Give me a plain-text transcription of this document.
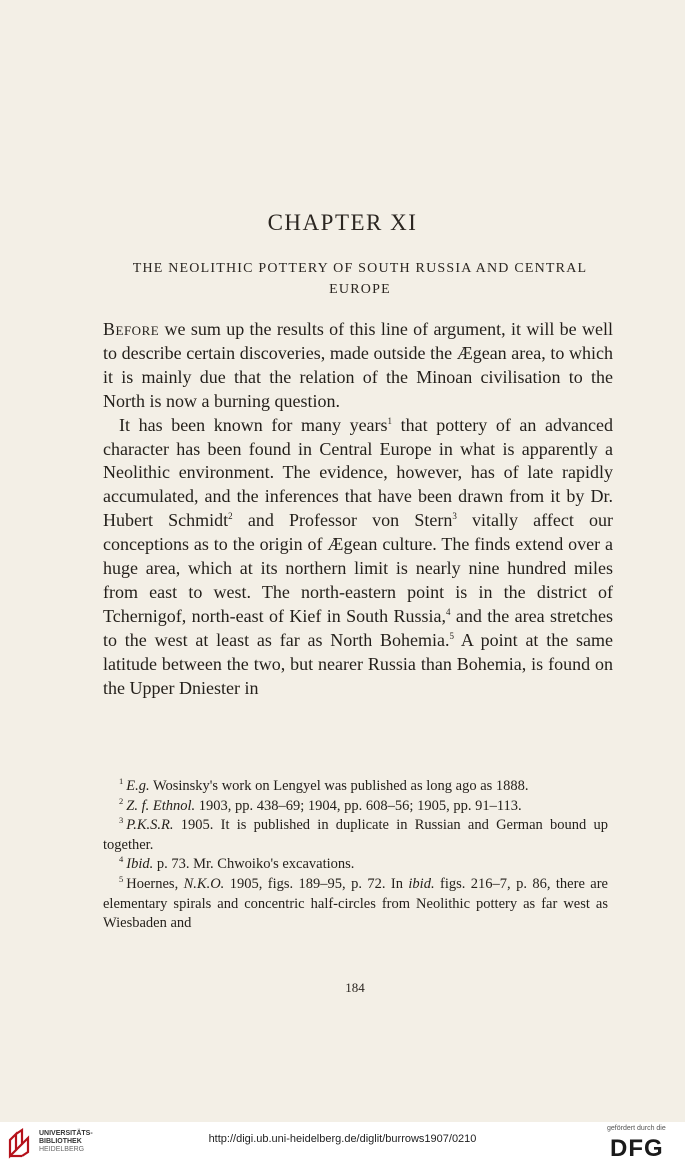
CHAPTER XI
THE NEOLITHIC POTTERY OF SOUTH RUSSIA AND CENTRAL EUROPE

Before we sum up the results of this line of argument, it will be well to describe certain discoveries, made outside the Ægean area, to which it is mainly due that the relation of the Minoan civilisation to the North is now a burning question.

It has been known for many years$^1$ that pottery of an advanced character has been found in Central Europe in what is apparently a Neolithic environment. The evidence, however, has of late rapidly accumulated, and the inferences that have been drawn from it by Dr. Hubert Schmidt$^2$ and Professor von Stern$^3$ vitally affect our conceptions as to the origin of Ægean culture. The finds extend over a huge area, which at its northern limit is nearly nine hundred miles from east to west. The north-eastern point is in the district of Tchernigof, north-east of Kief in South Russia,$^4$ and the area stretches to the west at least as far as North Bohemia.$^5$ A point at the same latitude between the two, but nearer Russia than Bohemia, is found on the Upper Dniester in

$^1$ E.g. Wosinsky's work on Lengyel was published as long ago as 1888.

$^2$ Z. f. Ethnol. 1903, pp. 438–69; 1904, pp. 608–56; 1905, pp. 91–113.

$^3$ P.K.S.R. 1905. It is published in duplicate in Russian and German bound up together.

$^4$ Ibid. p. 73. Mr. Chwoiko's excavations.

$^5$ Hoernes, N.K.O. 1905, figs. 189–95, p. 72. In ibid. figs. 216–7, p. 86, there are elementary spirals and concentric half-circles from Neolithic pottery as far west as Wiesbaden and

184
UNIVERSITÄTS-
BIBLIOTHEK
HEIDELBERG
http://digi.ub.uni-heidelberg.de/diglit/burrows1907/0210
gefördert durch die
DFG
